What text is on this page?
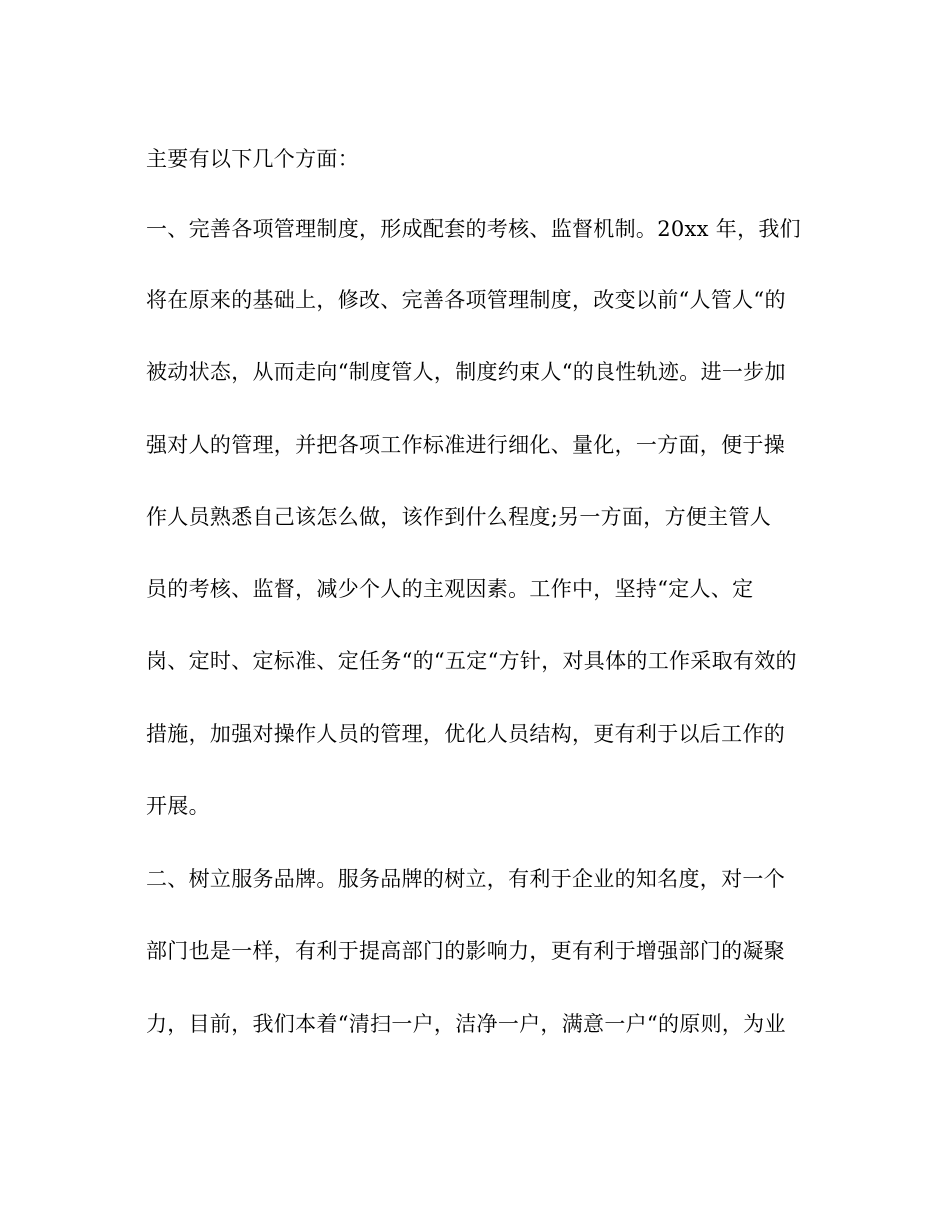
主要有以下几个方面：
一、完善各项管理制度，形成配套的考核、监督机制。20xx 年，我们
将在原来的基础上，修改、完善各项管理制度，改变以前“人管人“的
被动状态，从而走向“制度管人，制度约束人“的良性轨迹。进一步加
强对人的管理，并把各项工作标准进行细化、量化，一方面，便于操
作人员熟悉自己该怎么做，该作到什么程度;另一方面，方便主管人
员的考核、监督，减少个人的主观因素。工作中，坚持“定人、定
岗、定时、定标准、定任务“的“五定“方针，对具体的工作采取有效的
措施，加强对操作人员的管理，优化人员结构，更有利于以后工作的
开展。
二、树立服务品牌。服务品牌的树立，有利于企业的知名度，对一个
部门也是一样，有利于提高部门的影响力，更有利于增强部门的凝聚
力，目前，我们本着“清扫一户，洁净一户，满意一户“的原则，为业
